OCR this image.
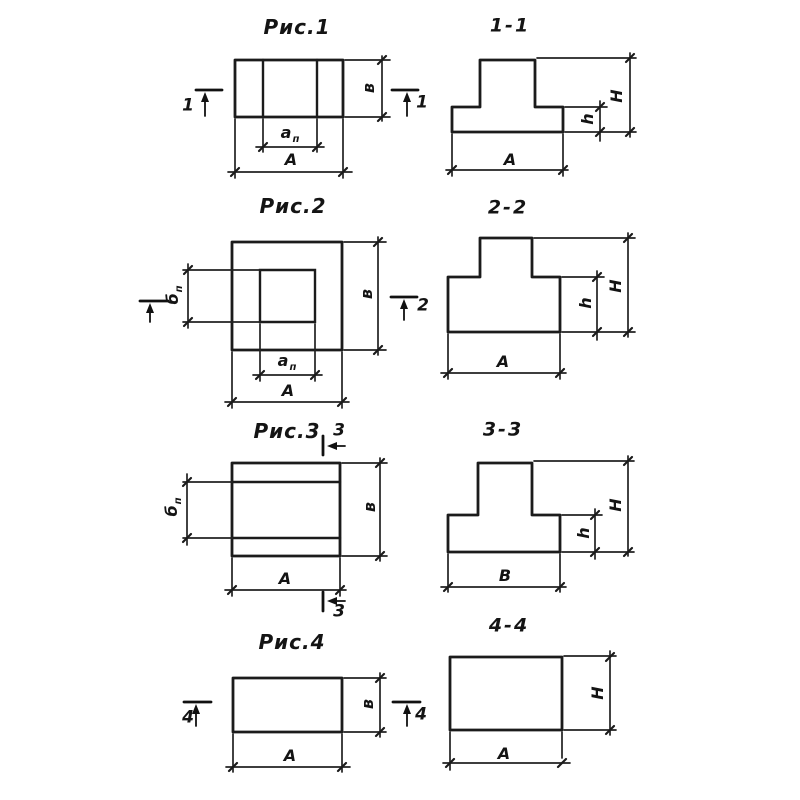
Рис.1
1	1
$а_п$
А
в
1-1
H
h
А
Рис.2
$б_п$
в
2
$а_п$
А
2-2
H
h
А
Рис.3 3
$б_п$
в
А
3
3-3
H
h
В
Рис.4
4
в
4
А
4-4
H
А
